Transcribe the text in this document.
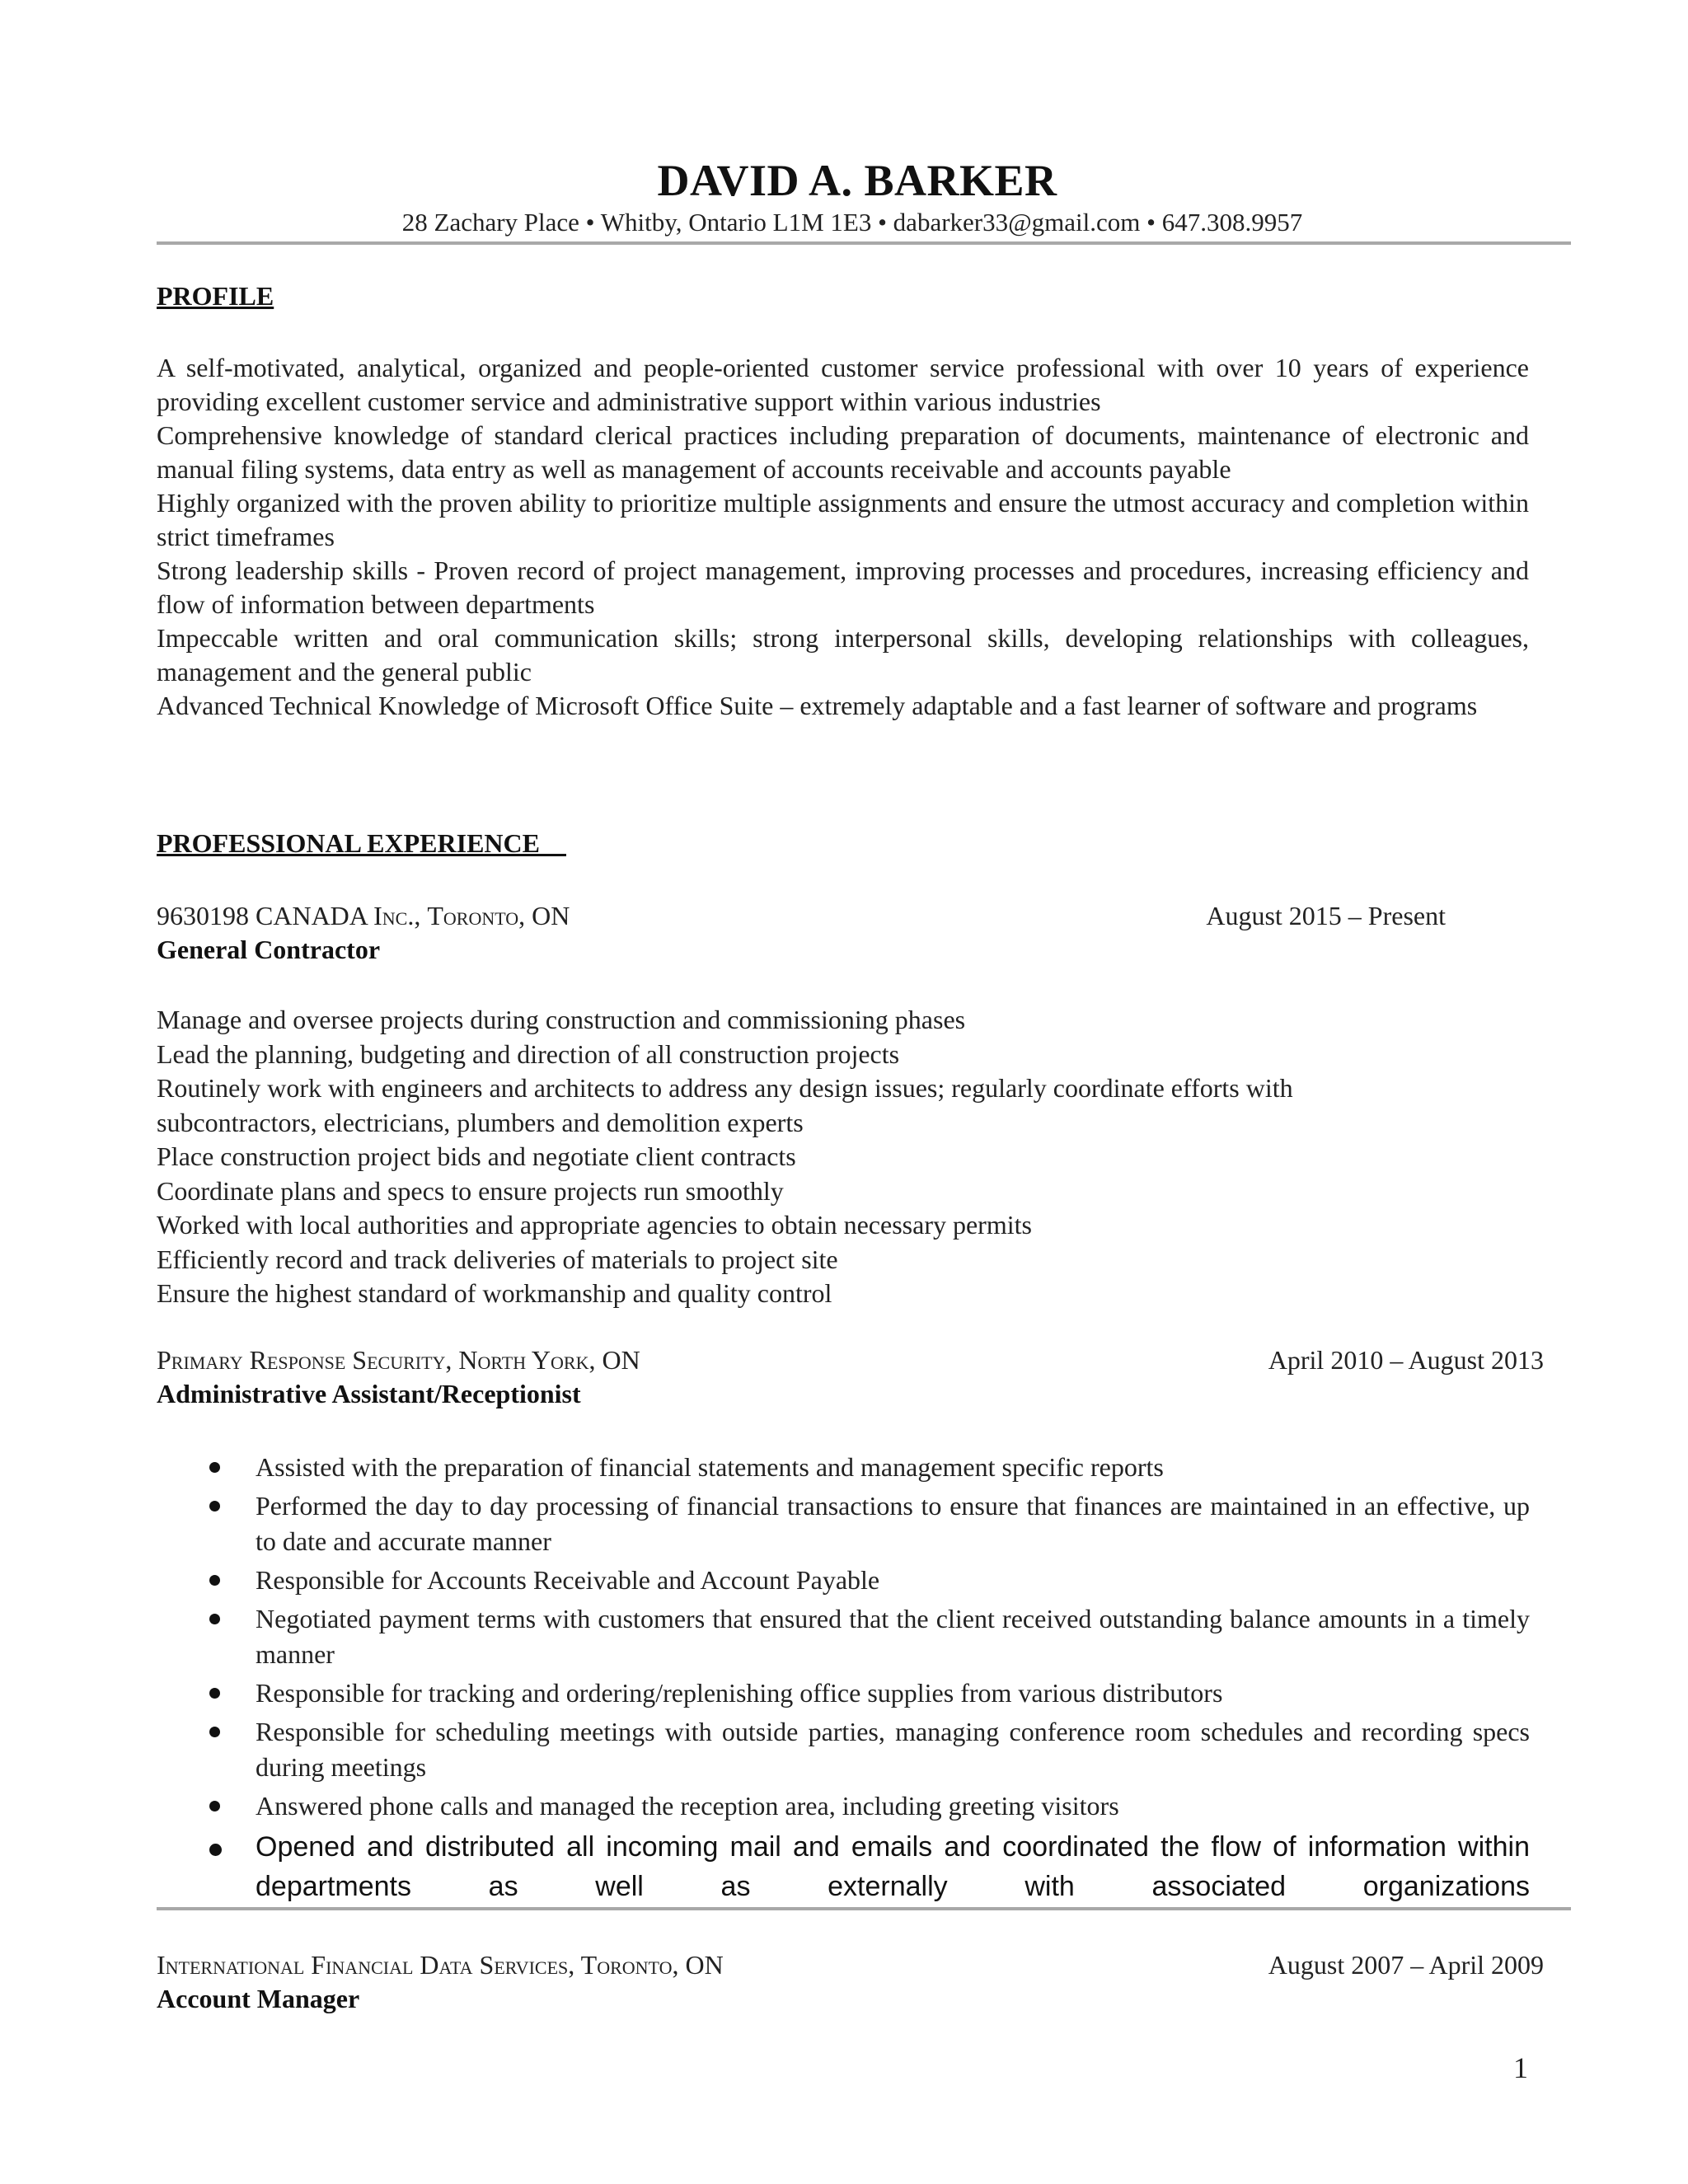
DAVID A. BARKER
28 Zachary Place • Whitby, Ontario L1M 1E3 • dabarker33@gmail.com • 647.308.9957
PROFILE

A self-motivated, analytical, organized and people-oriented customer service professional with over 10 years of experience providing excellent customer service and administrative support within various industries

Comprehensive knowledge of standard clerical practices including preparation of documents, maintenance of electronic and manual filing systems, data entry as well as management of accounts receivable and accounts payable

Highly organized with the proven ability to prioritize multiple assignments and ensure the utmost accuracy and completion within strict timeframes

Strong leadership skills - Proven record of project management, improving processes and procedures, increasing efficiency and flow of information between departments

Impeccable written and oral communication skills; strong interpersonal skills, developing relationships with colleagues, management and the general public

Advanced Technical Knowledge of Microsoft Office Suite – extremely adaptable and a fast learner of software and programs

PROFESSIONAL EXPERIENCE
9630198 CANADA Inc., Toronto, ON	August 2015 – Present
General Contractor
Manage and oversee projects during construction and commissioning phases
Lead the planning, budgeting and direction of all construction projects
Routinely work with engineers and architects to address any design issues; regularly coordinate efforts with
subcontractors, electricians, plumbers and demolition experts
Place construction project bids and negotiate client contracts
Coordinate plans and specs to ensure projects run smoothly
Worked with local authorities and appropriate agencies to obtain necessary permits
Efficiently record and track deliveries of materials to project site
Ensure the highest standard of workmanship and quality control
Primary Response Security, North York, ON	April 2010 – August 2013
Administrative Assistant/Receptionist
Assisted with the preparation of financial statements and management specific reports
Performed the day to day processing of financial transactions to ensure that finances are maintained in an effective, up to date and accurate manner
Responsible for Accounts Receivable and Account Payable
Negotiated payment terms with customers that ensured that the client received outstanding balance amounts in a timely manner
Responsible for tracking and ordering/replenishing office supplies from various distributors
Responsible for scheduling meetings with outside parties, managing conference room schedules and recording specs during meetings
Answered phone calls and managed the reception area, including greeting visitors
Opened and distributed all incoming mail and emails and coordinated the flow of information within departments as well as externally with associated organizations
International Financial Data Services, Toronto, ON	August 2007 – April 2009
Account Manager
1
